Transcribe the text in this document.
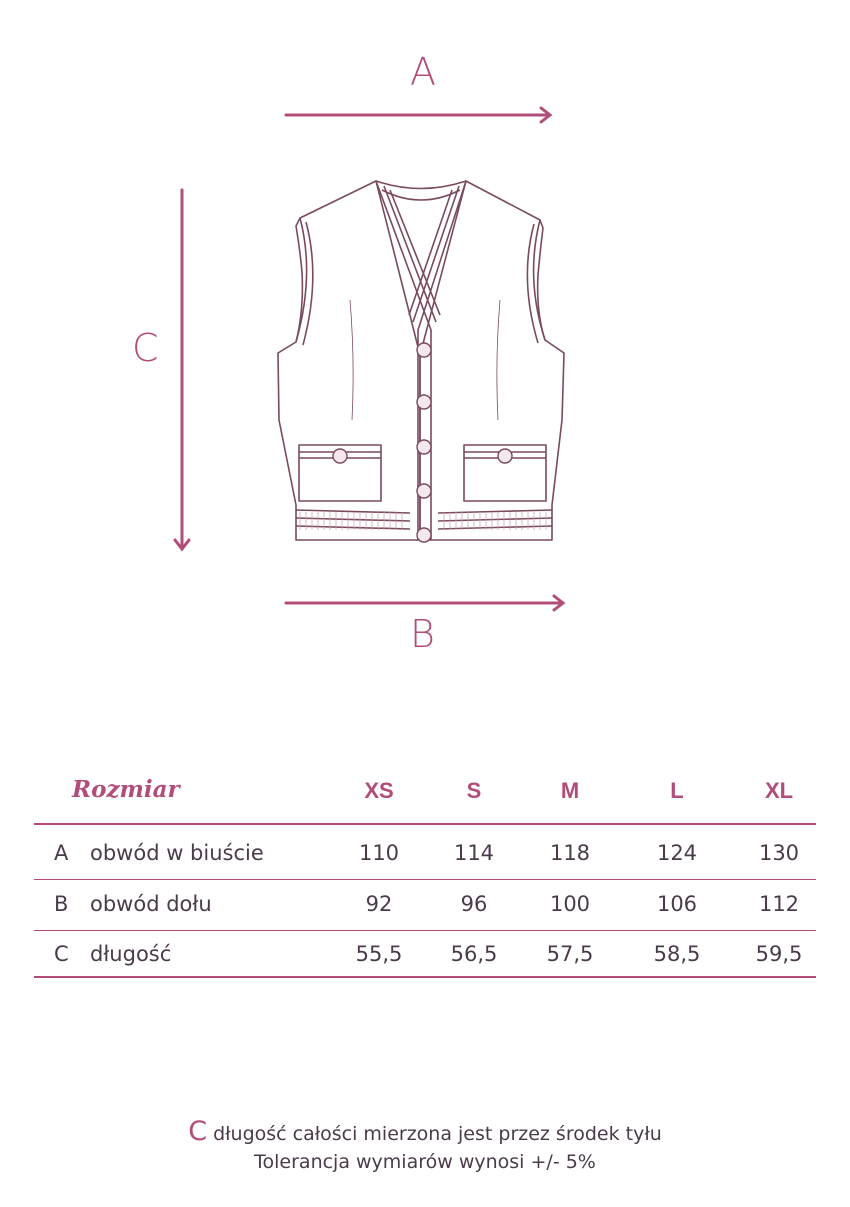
A
B
C
Rozmiar	XS	S	M	L	XL
A obwód w biuście	110	114	118	124	130
B obwód dołu	92	96	100	106	112
C długość	55,5	56,5	57,5	58,5	59,5
C długość całości mierzona jest przez środek tyłu
Tolerancja wymiarów wynosi +/- 5%
